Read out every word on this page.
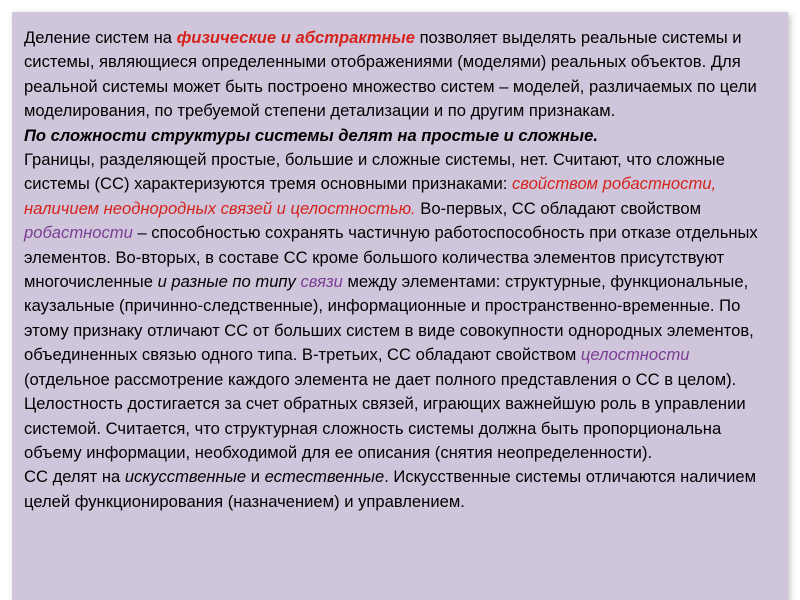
Деление систем на физические и абстрактные позволяет выделять реальные системы и системы, являющиеся определенными отображениями (моделями) реальных объектов. Для реальной системы может быть построено множество систем – моделей, различаемых по цели моделирования, по требуемой степени детализации и по другим признакам.

По сложности структуры системы делят на простые и сложные.

Границы, разделяющей простые, большие и сложные системы, нет. Считают, что сложные системы (СС) характеризуются тремя основными признаками: свойством робастности, наличием неоднородных связей и целостностью. Во-первых, СС обладают свойством робастности – способностью сохранять частичную работоспособность при отказе отдельных элементов. Во-вторых, в составе СС кроме большого количества элементов присутствуют многочисленные и разные по типу связи между элементами: структурные, функциональные, каузальные (причинно-следственные), информационные и пространственно-временные. По этому признаку отличают СС от больших систем в виде совокупности однородных элементов, объединенных связью одного типа. В-третьих, СС обладают свойством целостности (отдельное рассмотрение каждого элемента не дает полного представления о СС в целом). Целостность достигается за счет обратных связей, играющих важнейшую роль в управлении системой. Считается, что структурная сложность системы должна быть пропорциональна объему информации, необходимой для ее описания (снятия неопределенности).

СС делят на искусственные и естественные. Искусственные системы отличаются наличием целей функционирования (назначением) и управлением.
